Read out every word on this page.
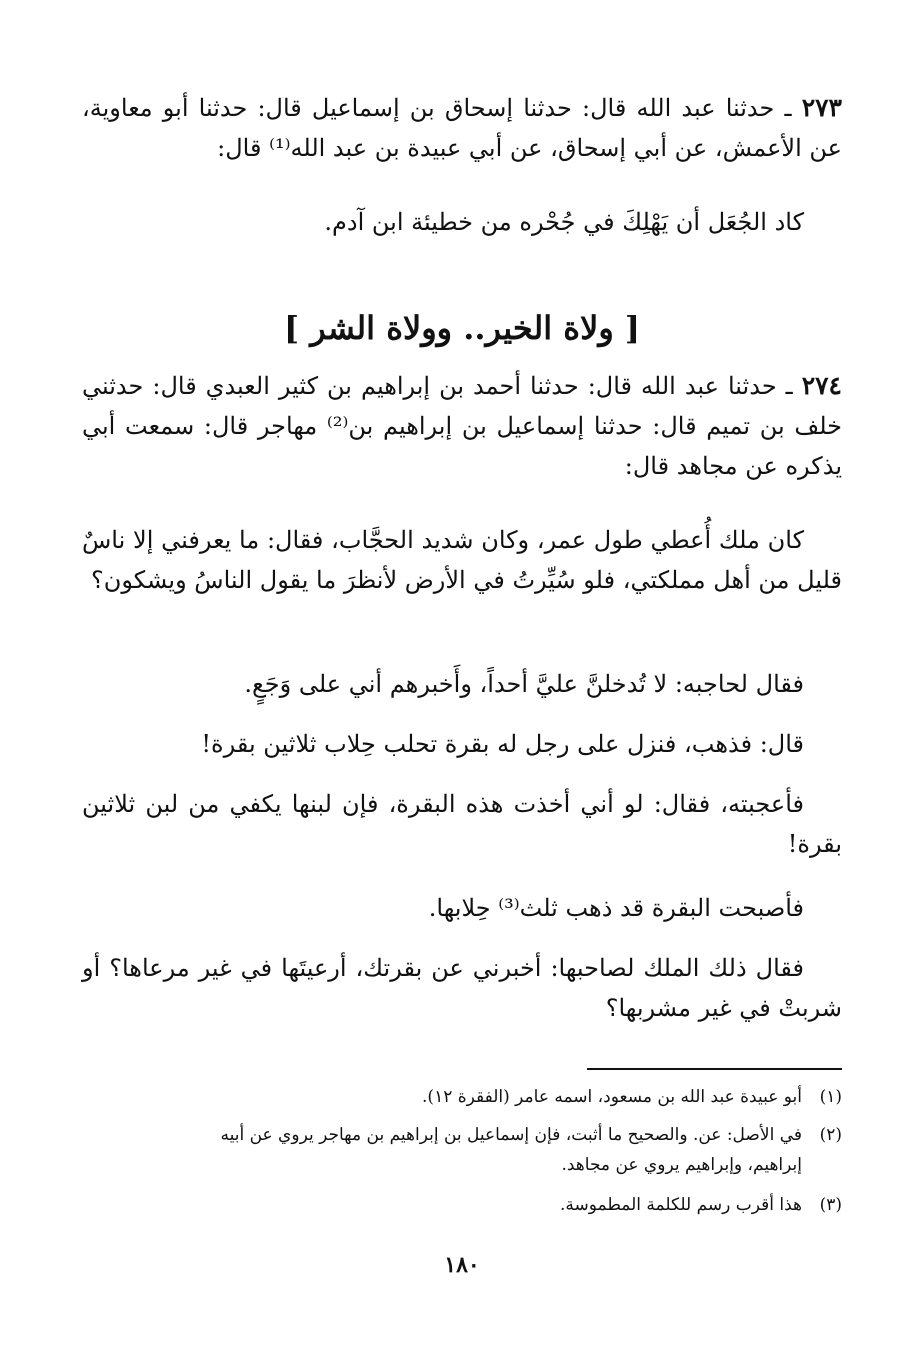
٢٧٣ ـ حدثنا عبد الله قال: حدثنا إسحاق بن إسماعيل قال: حدثنا أبو معاوية، عن الأعمش، عن أبي إسحاق، عن أبي عبيدة بن عبد الله⁽¹⁾ قال:

كاد الجُعَل أن يَهْلِكَ في جُحْره من خطيئة ابن آدم.

[ ولاة الخير.. وولاة الشر ]

٢٧٤ ـ حدثنا عبد الله قال: حدثنا أحمد بن إبراهيم بن كثير العبدي قال: حدثني خلف بن تميم قال: حدثنا إسماعيل بن إبراهيم بن⁽²⁾ مهاجر قال: سمعت أبي يذكره عن مجاهد قال:

كان ملك أُعطي طول عمر، وكان شديد الحجَّاب، فقال: ما يعرفني إلا ناسٌ قليل من أهل مملكتي، فلو سُيِّرتُ في الأرض لأنظرَ ما يقول الناسُ ويشكون؟

فقال لحاجبه: لا تُدخلنَّ عليَّ أحداً، وأَخبرهم أني على وَجَعٍ.

قال: فذهب، فنزل على رجل له بقرة تحلب حِلاب ثلاثين بقرة!

فأعجبته، فقال: لو أني أخذت هذه البقرة، فإن لبنها يكفي من لبن ثلاثين بقرة!

فأصبحت البقرة قد ذهب ثلث⁽³⁾ حِلابها.

فقال ذلك الملك لصاحبها: أخبرني عن بقرتك، أرعيتَها في غير مرعاها؟ أو شربتْ في غير مشربها؟

(١)أبو عبيدة عبد الله بن مسعود، اسمه عامر (الفقرة ١٢).

(٢)في الأصل: عن. والصحيح ما أثبت، فإن إسماعيل بن إبراهيم بن مهاجر يروي عن أبيه
إبراهيم، وإبراهيم يروي عن مجاهد.

(٣)هذا أقرب رسم للكلمة المطموسة.

١٨٠
